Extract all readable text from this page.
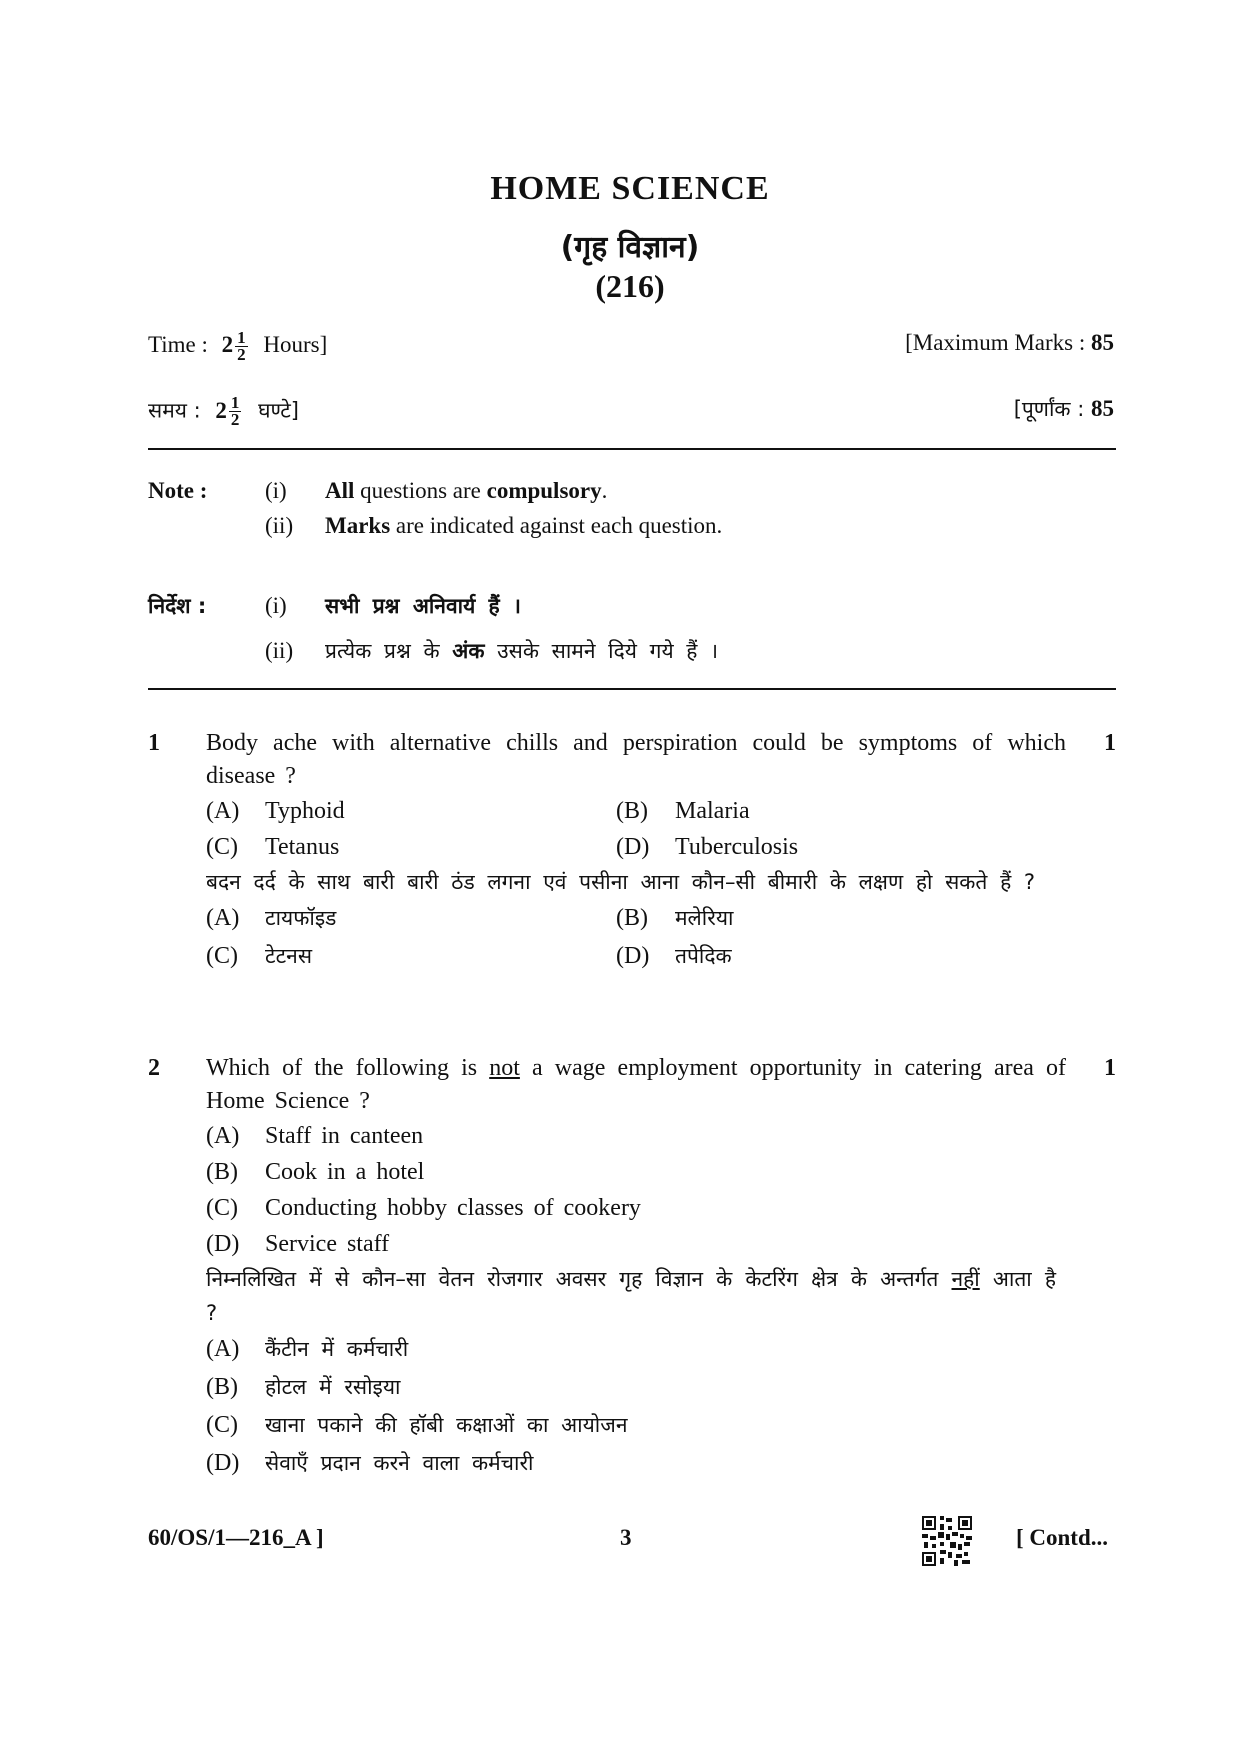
HOME SCIENCE
(गृह विज्ञान)
(216)
Time : $2 \frac{1}{2}$ Hours]	[Maximum Marks : 85
समय : $2 \frac{1}{2}$ घण्टे]	[पूर्णांक : 85
Note :	(i) All questions are compulsory.
(ii) Marks are indicated against each question.
निर्देश :	(i) सभी प्रश्न अनिवार्य हैं ।
(ii) प्रत्येक प्रश्न के अंक उसके सामने दिये गये हैं ।
1	1
Body ache with alternative chills and perspiration could be symptoms of which disease ?
(A) Typhoid	(B) Malaria
(C) Tetanus	(D) Tuberculosis
बदन दर्द के साथ बारी बारी ठंड लगना एवं पसीना आना कौन–सी बीमारी के लक्षण हो सकते हैं ?
(A) टायफॉइड	(B) मलेरिया
(C) टेटनस	(D) तपेदिक
2	1
Which of the following is not a wage employment opportunity in catering area of Home Science ?
(A) Staff in canteen
(B) Cook in a hotel
(C) Conducting hobby classes of cookery
(D) Service staff
निम्नलिखित में से कौन–सा वेतन रोजगार अवसर गृह विज्ञान के केटरिंग क्षेत्र के अन्तर्गत नहीं आता है ?
(A) कैंटीन में कर्मचारी
(B) होटल में रसोइया
(C) खाना पकाने की हॉबी कक्षाओं का आयोजन
(D) सेवाएँ प्रदान करने वाला कर्मचारी
60/OS/1—216_A ]	3	[ Contd...
